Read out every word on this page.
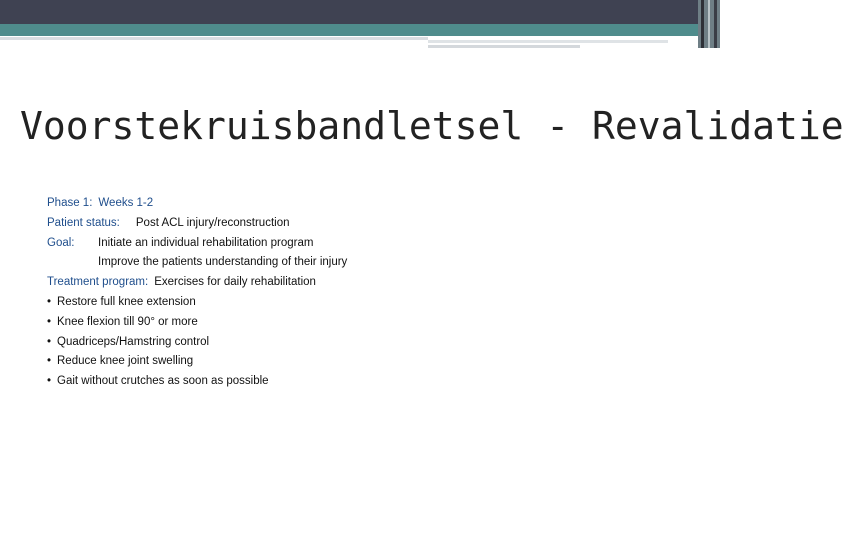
Voorstekruisbandletsel - Revalidatie
Phase 1: Weeks 1-2
Patient status: Post ACL injury/reconstruction
Goal:	Initiate an individual rehabilitation program
Improve the patients understanding of their injury
Treatment program: Exercises for daily rehabilitation
• Restore full knee extension
• Knee flexion till 90° or more
• Quadriceps/Hamstring control
• Reduce knee joint swelling
• Gait without crutches as soon as possible
